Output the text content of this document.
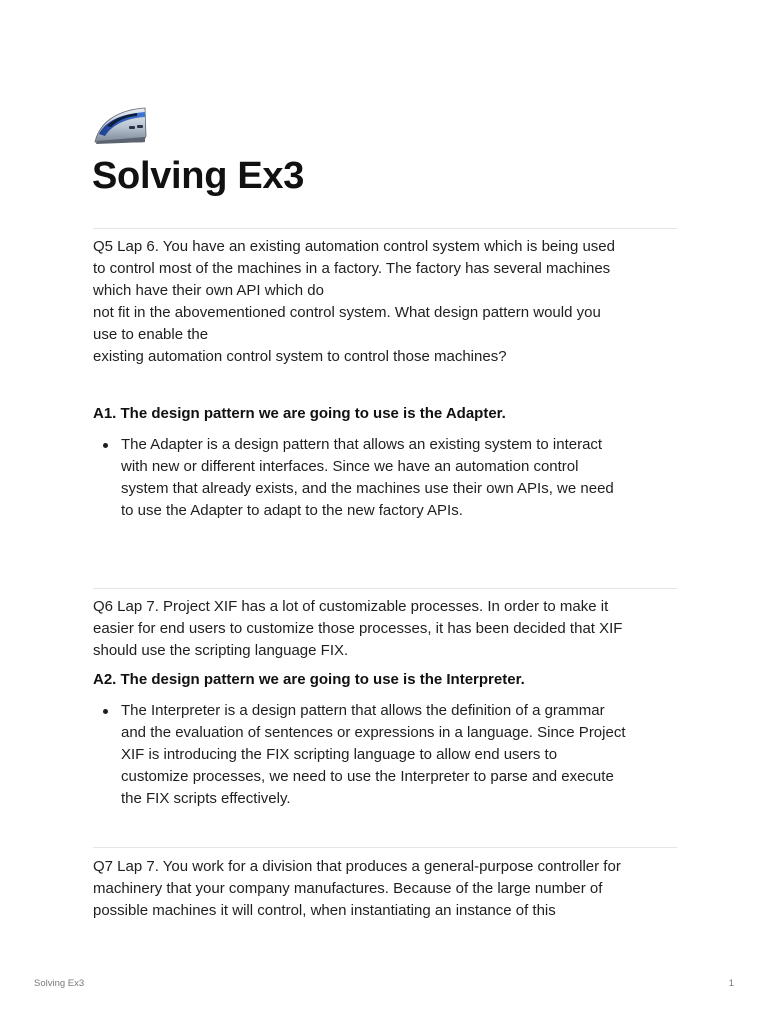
Solving Ex3

Q5 Lap 6. You have an existing automation control system which is being used
to control most of the machines in a factory. The factory has several machines
which have their own API which do
not fit in the abovementioned control system. What design pattern would you
use to enable the
existing automation control system to control those machines?

A1. The design pattern we are going to use is the Adapter.

The Adapter is a design pattern that allows an existing system to interact
with new or different interfaces. Since we have an automation control
system that already exists, and the machines use their own APIs, we need
to use the Adapter to adapt to the new factory APIs.

Q6 Lap 7. Project XIF has a lot of customizable processes. In order to make it
easier for end users to customize those processes, it has been decided that XIF
should use the scripting language FIX.

A2. The design pattern we are going to use is the Interpreter.

The Interpreter is a design pattern that allows the definition of a grammar
and the evaluation of sentences or expressions in a language. Since Project
XIF is introducing the FIX scripting language to allow end users to
customize processes, we need to use the Interpreter to parse and execute
the FIX scripts effectively.

Q7 Lap 7. You work for a division that produces a general-purpose controller for
machinery that your company manufactures. Because of the large number of
possible machines it will control, when instantiating an instance of this

Solving Ex3	1
